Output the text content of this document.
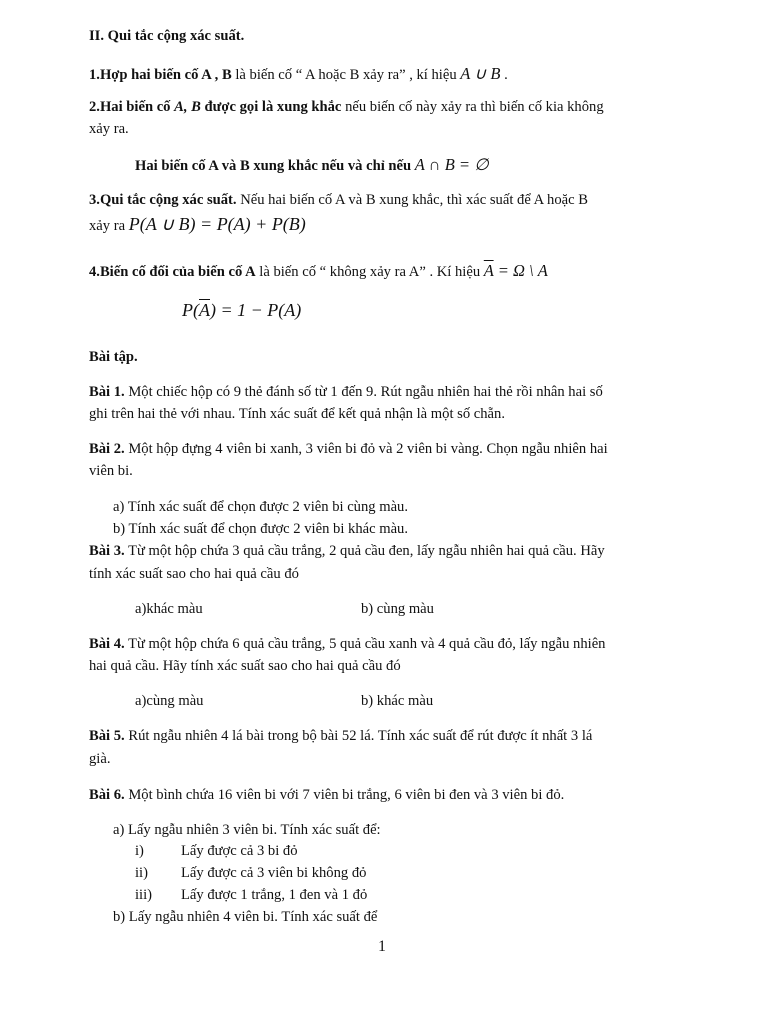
II. Qui tắc cộng xác suất.
1.Hợp hai biến cố A , B là biến cố “ A hoặc B xảy ra” , kí hiệu A ∪ B .
2.Hai biến cố A, B được gọi là xung khắc nếu biến cố này xảy ra thì biến cố kia không
xảy ra.
Hai biến cố A và B xung khắc nếu và chỉ nếu A ∩ B = ∅
3.Qui tắc cộng xác suất. Nếu hai biến cố A và B xung khắc, thì xác suất để A hoặc B
xảy ra P(A ∪ B) = P(A) + P(B)
4.Biến cố đối của biến cố A là biến cố “ không xảy ra A” . Kí hiệu $\overline{A} = \Omega$ \ A
$P(\overline{A}) = 1 - P(A)$
Bài tập.
Bài 1. Một chiếc hộp có 9 thẻ đánh số từ 1 đến 9. Rút ngẫu nhiên hai thẻ rồi nhân hai số
ghi trên hai thẻ với nhau. Tính xác suất để kết quả nhận là một số chẵn.
Bài 2. Một hộp đựng 4 viên bi xanh, 3 viên bi đỏ và 2 viên bi vàng. Chọn ngẫu nhiên hai
viên bi.
a) Tính xác suất để chọn được 2 viên bi cùng màu.
b) Tính xác suất để chọn được 2 viên bi khác màu.
Bài 3. Từ một hộp chứa 3 quả cầu trắng, 2 quả cầu đen, lấy ngẫu nhiên hai quả cầu. Hãy
tính xác suất sao cho hai quả cầu đó
a)khác màu	b) cùng màu
Bài 4. Từ một hộp chứa 6 quả cầu trắng, 5 quả cầu xanh và 4 quả cầu đỏ, lấy ngẫu nhiên
hai quả cầu. Hãy tính xác suất sao cho hai quả cầu đó
a)cùng màu	b) khác màu
Bài 5. Rút ngẫu nhiên 4 lá bài trong bộ bài 52 lá. Tính xác suất để rút được ít nhất 3 lá
già.
Bài 6. Một bình chứa 16 viên bi với 7 viên bi trắng, 6 viên bi đen và 3 viên bi đỏ.
a) Lấy ngẫu nhiên 3 viên bi. Tính xác suất để:
i)	Lấy được cả 3 bi đỏ
ii) Lấy được cả 3 viên bi không đỏ
iii) Lấy được 1 trắng, 1 đen và 1 đỏ
b) Lấy ngẫu nhiên 4 viên bi. Tính xác suất để
1
